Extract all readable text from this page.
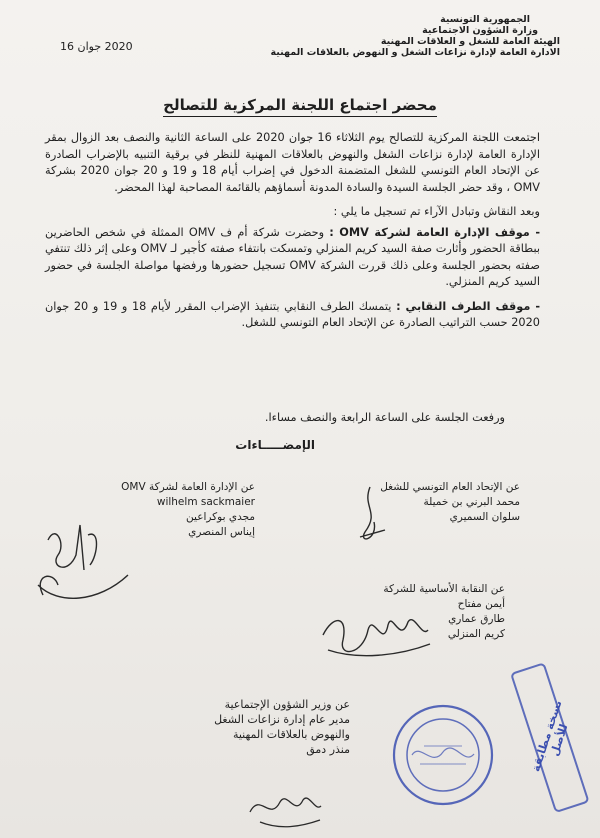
الجمهورية التونسية
وزارة الشؤون الاجتماعية
الهيئة العامة للشغل و العلاقات المهنية
الادارة العامة لإدارة نزاعات الشغل و النهوض بالعلاقات المهنية
2020 جوان 16
محضر اجتماع اللجنة المركزية للتصالح

اجتمعت اللجنة المركزية للتصالح يوم الثلاثاء 16 جوان 2020 على الساعة الثانية والنصف بعد الزوال بمقر الإدارة العامة لإدارة نزاعات الشغل والنهوض بالعلاقات المهنية للنظر في برقية التنبيه بالإضراب الصادرة عن الإتحاد العام التونسي للشغل المتضمنة الدخول في إضراب أيام 18 و 19 و 20 جوان 2020 بشركة OMV ، وقد حضر الجلسة السيدة والسادة المدونة أسماؤهم بالقائمة المصاحبة لهذا المحضر.

وبعد النقاش وتبادل الآراء تم تسجيل ما يلي :

- موقف الإدارة العامة لشركة OMV : وحضرت شركة أم ف OMV الممثلة في شخص الحاضرين ببطاقة الحضور وأثارت صفة السيد كريم المنزلي وتمسكت بانتفاء صفته كأجير لـ OMV وعلى إثر ذلك تنتفي صفته بحضور الجلسة وعلى ذلك قررت الشركة OMV تسجيل حضورها ورفضها مواصلة الجلسة في حضور السيد كريم المنزلي.

- موقف الطرف النقابي : يتمسك الطرف النقابي بتنفيذ الإضراب المقرر لأيام 18 و 19 و 20 جوان 2020 حسب التراتيب الصادرة عن الإتحاد العام التونسي للشغل.

ورفعت الجلسة على الساعة الرابعة والنصف مساءا.
الإمضـــــاءات
عن الإتحاد العام التونسي للشغل
محمد البرني بن خميلة
سلوان السميري
عن الإدارة العامة لشركة OMV
wilhelm sackmaier
مجدي بوكراعين
إيناس المنصري
عن النقابة الأساسية للشركة
أيمن مفتاح
طارق عماري
كريم المنزلي
عن وزير الشؤون الإجتماعية
مدير عام إدارة نزاعات الشغل
والنهوض بالعلاقات المهنية
منذر دمق	نسخة مطابقة للأصل
